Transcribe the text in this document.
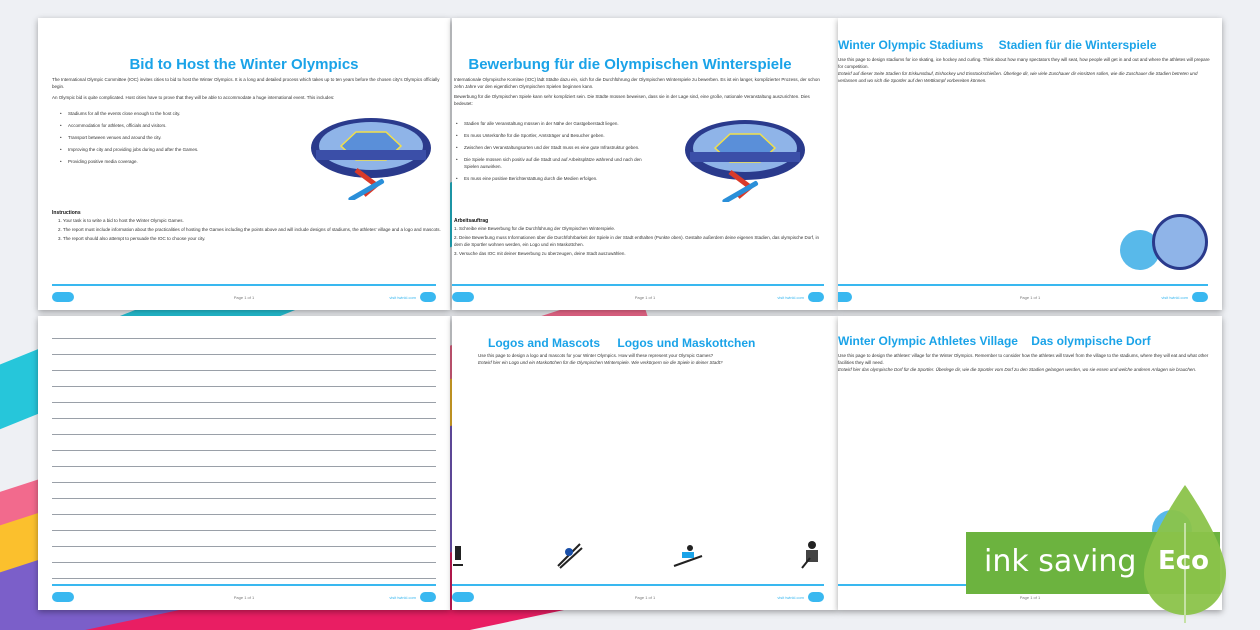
Bid to Host the Winter Olympics

The International Olympic Committee (IOC) invites cities to bid to host the Winter Olympics. It is a long and detailed process which takes up to ten years before the chosen city's Olympics officially begin.

An Olympic bid is quite complicated. Host cities have to prove that they will be able to accommodate a huge international event. This includes:

• Stadiums for all the events close enough to the host city.
• Accommodation for athletes, officials and visitors.
• Transport between venues and around the city.
• Improving the city and providing jobs during and after the Games.
• Providing positive media coverage.
Instructions

1. Your task is to write a bid to host the Winter Olympic Games.

2. The report must include information about the practicalities of hosting the Games including the points above and will include designs of stadiums, the athletes' village and a logo and mascots.

3. The report should also attempt to persuade the IOC to choose your city.

Page 1 of 1	visit twinkl.com
Bewerbung für die Olympischen Winterspiele

Internationale Olympische Komitee (IOC) lädt Städte dazu ein, sich für die Durchführung der Olympischen Winterspiele zu bewerben. Es ist ein langer, komplizierter Prozess, der schon zehn Jahre vor den eigentlichen Olympischen Spielen beginnen kann.

Bewerbung für die Olympischen Spiele kann sehr kompliziert sein. Die Städte müssen beweisen, dass sie in der Lage sind, eine große, nationale Veranstaltung auszurichten. Dies bedeutet:

• Stadien für alle Veranstaltung müssen in der Nähe der Gastgeberstadt liegen.
• Es muss Unterkünfte für die Sportler, Amtsträger und Besucher geben.
• Zwischen den Veranstaltungsorten und der Stadt muss es eine gute Infrastruktur geben.
• Die Spiele müssen sich positiv auf die Stadt und auf Arbeitsplätze während und nach den Spielen auswirken.
• Es muss eine positive Berichterstattung durch die Medien erfolgen.
Arbeitsauftrag

1. Schreibe eine Bewerbung für die Durchführung der Olympischen Winterspiele.

2. Deine Bewerbung muss Informationen über die Durchführbarkeit der Spiele in der Stadt enthalten (Punkte oben). Gestalte außerdem deine eigenen Stadien, das olympische Dorf, in dem die Sportler wohnen werden, ein Logo und ein Maskottchen.

3. Versuche das IOC mit deiner Bewerbung zu überzeugen, deine Stadt auszuwählen.

Page 1 of 1	visit twinkl.com
Winter Olympic Stadiums Stadien für die Winterspiele

Use this page to design stadiums for ice skating, ice hockey and curling. Think about how many spectators they will seat, how people will get in and out and where the athletes will prepare for competition.

Entwirf auf dieser Seite Stadien für Eiskunstlauf, Eishockey und Eisstockschießen. Überlege dir, wie viele Zuschauer dir einsitzen sollen, wie die Zuschauer die Stadien betreten und verlassen und wo sich die Sportler auf den Wettkampf vorbereiten können.

Page 1 of 1	visit twinkl.com
Page 1 of 1	visit twinkl.com
Logos and Mascots Logos und Maskottchen

Use this page to design a logo and mascots for your Winter Olympics. How will these represent your Olympic Games?

Entwirf hier ein Logo und ein Maskottchen für die Olympischen Winterspiele. Wie verkörpern sie die Spiele in deiner Stadt?

Page 1 of 1	visit twinkl.com
Winter Olympic Athletes Village Das olympische Dorf

Use this page to design the athletes' village for the Winter Olympics. Remember to consider how the athletes will travel from the village to the stadiums, where they will eat and what other facilities they will need.

Entwirf hier das olympische Dorf für die Sportler. Überlege dir, wie die Sportler vom Dorf zu den Stadien gelangen werden, wo sie essen und welche anderen Anlagen sie brauchen.

Page 1 of 1
ink saving Eco
